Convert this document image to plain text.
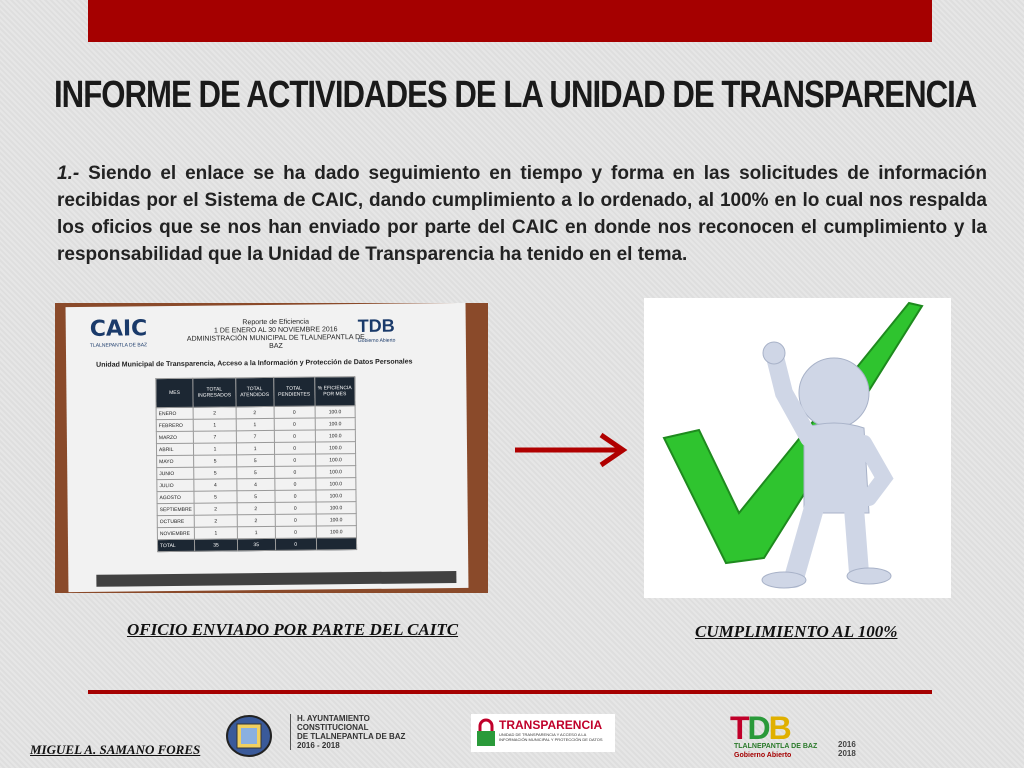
INFORME DE ACTIVIDADES DE LA UNIDAD DE TRANSPARENCIA
1.- Siendo el enlace se ha dado seguimiento en tiempo y forma en las solicitudes de información recibidas por el Sistema de CAIC, dando cumplimiento a lo ordenado, al 100% en lo cual nos respalda los oficios que se nos han enviado por parte del CAIC en donde nos reconocen el cumplimiento y la responsabilidad que la Unidad de Transparencia ha tenido en el tema.
CAIC
TLALNEPANTLA DE BAZ
Reporte de Eficiencia
1 DE ENERO AL 30 NOVIEMBRE 2016
ADMINISTRACIÓN MUNICIPAL DE TLALNEPANTLA DE BAZ
TDB
Gobierno Abierto
Unidad Municipal de Transparencia, Acceso a la Información y Protección de Datos Personales
MES	TOTAL INGRESADOS	TOTAL ATENDIDOS	TOTAL PENDIENTES	% EFICIENCIA POR MES
ENERO	2	2	0	100.0
FEBRERO	1	1	0	100.0
MARZO	7	7	0	100.0
ABRIL	1	1	0	100.0
MAYO	5	5	0	100.0
JUNIO	5	5	0	100.0
JULIO	4	4	0	100.0
AGOSTO	5	5	0	100.0
SEPTIEMBRE	2	2	0	100.0
OCTUBRE	2	2	0	100.0
NOVIEMBRE	1	1	0	100.0
TOTAL	35	35	0	
OFICIO ENVIADO POR PARTE DEL CAITC	CUMPLIMIENTO AL 100%
MIGUEL A. SAMANO FORES
H. AYUNTAMIENTO
CONSTITUCIONAL
DE TLALNEPANTLA DE BAZ
2016 - 2018
TRANSPARENCIA
UNIDAD DE TRANSPARENCIA Y ACCESO A LA INFORMACIÓN MUNICIPAL Y PROTECCIÓN DE DATOS	TDB
TLALNEPANTLA DE BAZ
Gobierno Abierto
2016
2018
